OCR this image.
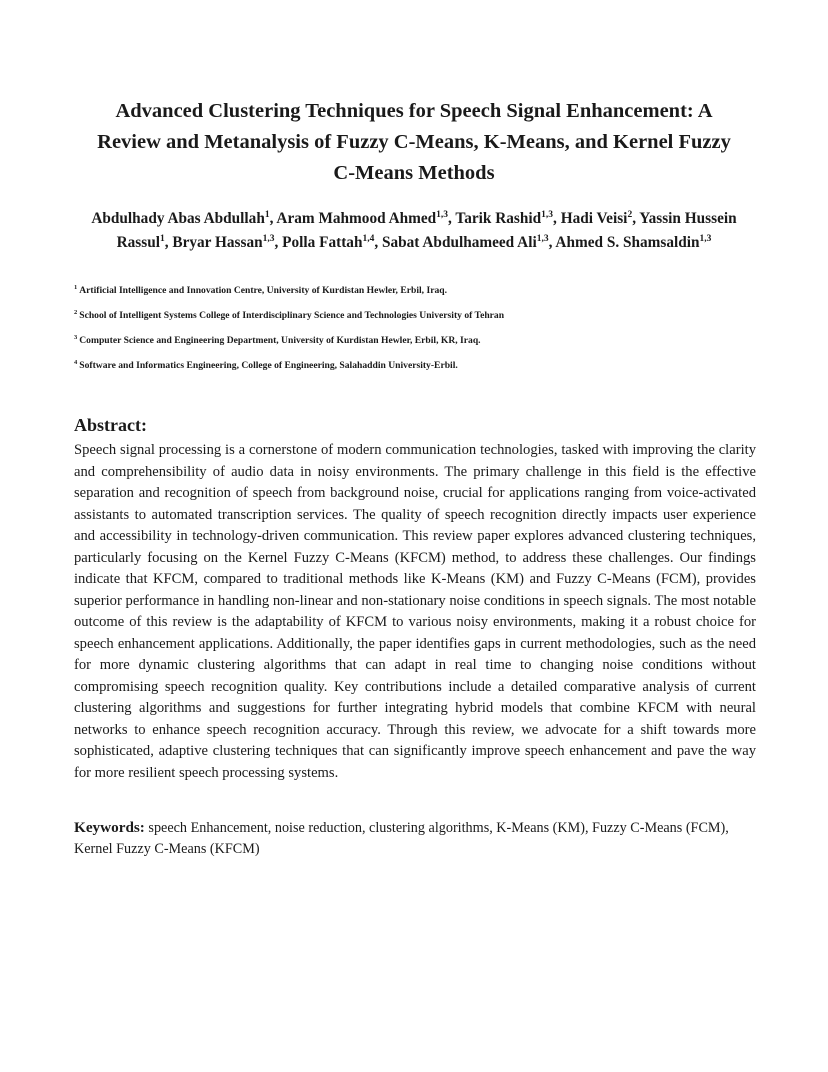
Advanced Clustering Techniques for Speech Signal Enhancement: A
Review and Metanalysis of Fuzzy C-Means, K-Means, and Kernel Fuzzy
C-Means Methods

Abdulhady Abas Abdullah$^1$, Aram Mahmood Ahmed$^{1,3}$, Tarik Rashid$^{1,3}$, Hadi Veisi$^2$, Yassin Hussein Rassul$^1$, Bryar Hassan$^{1,3}$, Polla Fattah$^{1,4}$, Sabat Abdulhameed Ali$^{1,3}$, Ahmed S. Shamsaldin$^{1,3}$

$^1$ Artificial Intelligence and Innovation Centre, University of Kurdistan Hewler, Erbil, Iraq.

$^2$ School of Intelligent Systems College of Interdisciplinary Science and Technologies University of Tehran

$^3$ Computer Science and Engineering Department, University of Kurdistan Hewler, Erbil, KR, Iraq.

$^4$ Software and Informatics Engineering, College of Engineering, Salahaddin University-Erbil.

Abstract:

Speech signal processing is a cornerstone of modern communication technologies, tasked with improving the clarity and comprehensibility of audio data in noisy environments. The primary challenge in this field is the effective separation and recognition of speech from background noise, crucial for applications ranging from voice-activated assistants to automated transcription services. The quality of speech recognition directly impacts user experience and accessibility in technology-driven communication. This review paper explores advanced clustering techniques, particularly focusing on the Kernel Fuzzy C-Means (KFCM) method, to address these challenges. Our findings indicate that KFCM, compared to traditional methods like K-Means (KM) and Fuzzy C-Means (FCM), provides superior performance in handling non-linear and non-stationary noise conditions in speech signals. The most notable outcome of this review is the adaptability of KFCM to various noisy environments, making it a robust choice for speech enhancement applications. Additionally, the paper identifies gaps in current methodologies, such as the need for more dynamic clustering algorithms that can adapt in real time to changing noise conditions without compromising speech recognition quality. Key contributions include a detailed comparative analysis of current clustering algorithms and suggestions for further integrating hybrid models that combine KFCM with neural networks to enhance speech recognition accuracy. Through this review, we advocate for a shift towards more sophisticated, adaptive clustering techniques that can significantly improve speech enhancement and pave the way for more resilient speech processing systems.

Keywords: speech Enhancement, noise reduction, clustering algorithms, K-Means (KM), Fuzzy C-Means (FCM), Kernel Fuzzy C-Means (KFCM)
